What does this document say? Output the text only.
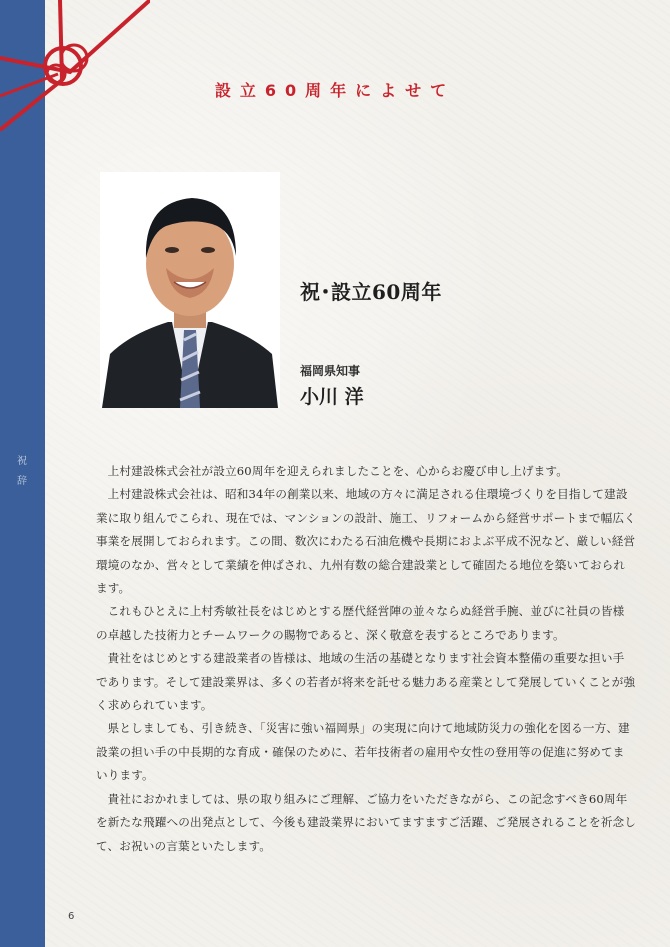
祝
辞
設立60周年によせて
祝･設立60周年
福岡県知事
小川 洋

上村建設株式会社が設立60周年を迎えられましたことを、心からお慶び申し上げます。

上村建設株式会社は、昭和34年の創業以来、地域の方々に満足される住環境づくりを目指して建設業に取り組んでこられ、現在では、マンションの設計、施工、リフォームから経営サポートまで幅広く事業を展開しておられます。この間、数次にわたる石油危機や長期におよぶ平成不況など、厳しい経営環境のなか、営々として業績を伸ばされ、九州有数の総合建設業として確固たる地位を築いておられます。

これもひとえに上村秀敏社長をはじめとする歴代経営陣の並々ならぬ経営手腕、並びに社員の皆様の卓越した技術力とチームワークの賜物であると、深く敬意を表するところであります。

貴社をはじめとする建設業者の皆様は、地域の生活の基礎となります社会資本整備の重要な担い手であります。そして建設業界は、多くの若者が将来を託せる魅力ある産業として発展していくことが強く求められています。

県としましても、引き続き、「災害に強い福岡県」の実現に向けて地域防災力の強化を図る一方、建設業の担い手の中長期的な育成・確保のために、若年技術者の雇用や女性の登用等の促進に努めてまいります。

貴社におかれましては、県の取り組みにご理解、ご協力をいただきながら、この記念すべき60周年を新たな飛躍への出発点として、今後も建設業界においてますますご活躍、ご発展されることを祈念して、お祝いの言葉といたします。

6
